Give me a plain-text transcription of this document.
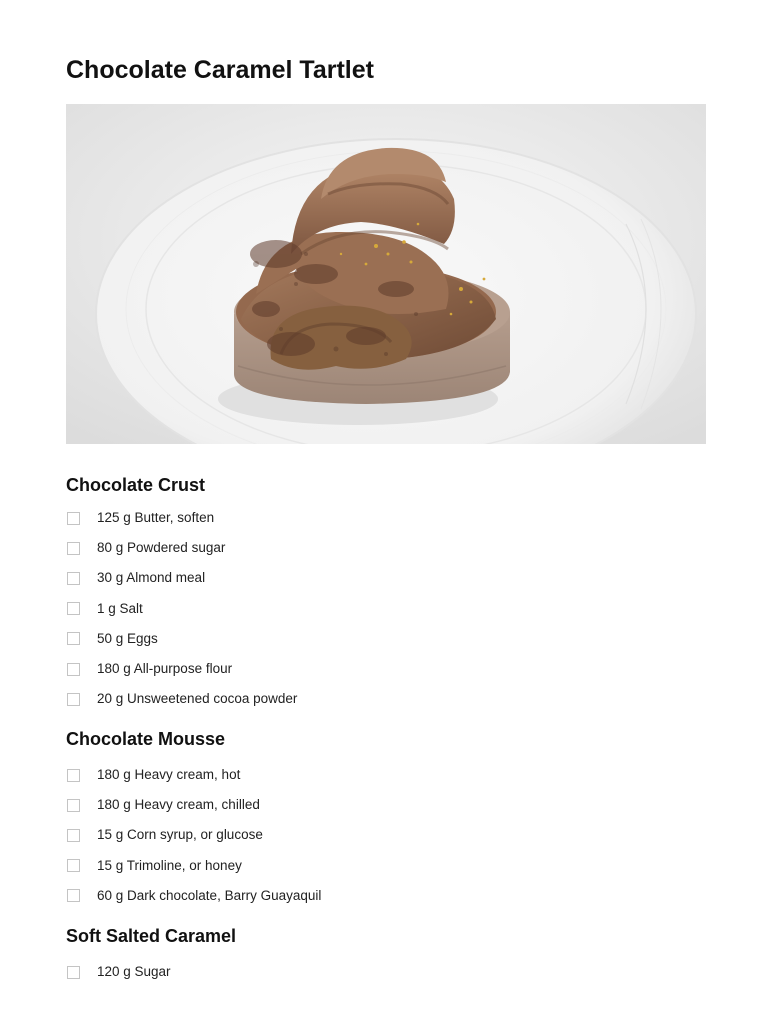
Chocolate Caramel Tartlet
Chocolate Crust
125 g Butter, soften
80 g Powdered sugar
30 g Almond meal
1 g Salt
50 g Eggs
180 g All-purpose flour
20 g Unsweetened cocoa powder
Chocolate Mousse
180 g Heavy cream, hot
180 g Heavy cream, chilled
15 g Corn syrup, or glucose
15 g Trimoline, or honey
60 g Dark chocolate, Barry Guayaquil
Soft Salted Caramel
120 g Sugar
